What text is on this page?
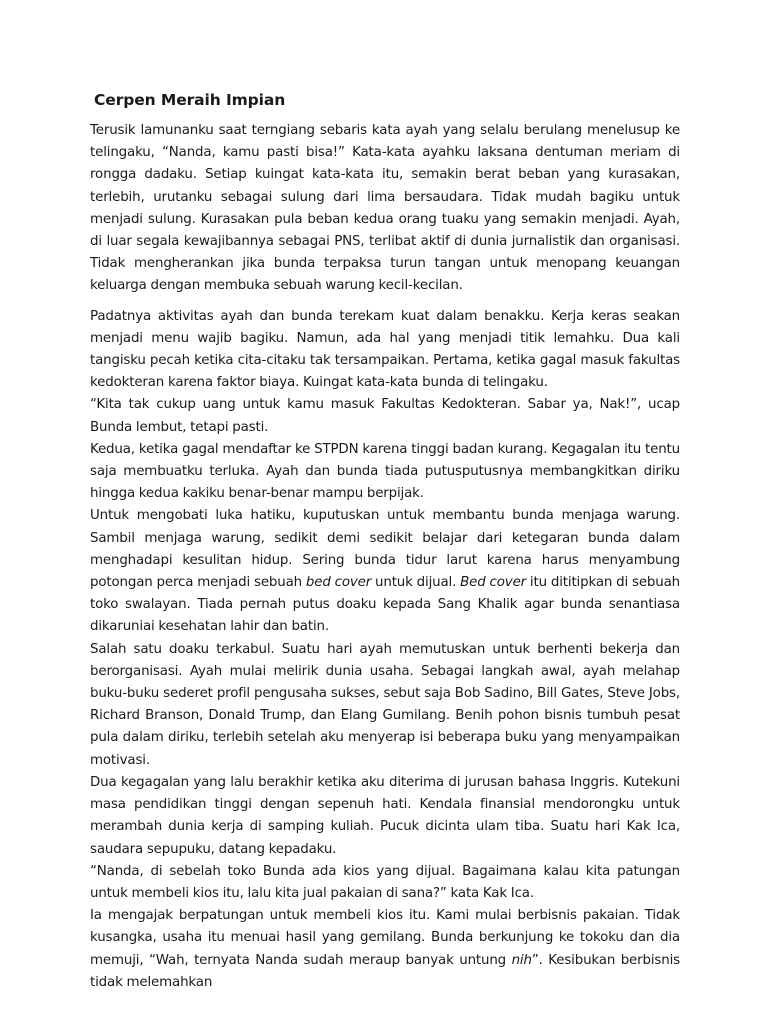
Cerpen Meraih Impian

Terusik lamunanku saat terngiang sebaris kata ayah yang selalu berulang menelusup ke telingaku, “Nanda, kamu pasti bisa!” Kata-kata ayahku laksana dentuman meriam di rongga dadaku. Setiap kuingat kata-kata itu, semakin berat beban yang kurasakan, terlebih, urutanku sebagai sulung dari lima bersaudara. Tidak mudah bagiku untuk menjadi sulung. Kurasakan pula beban kedua orang tuaku yang semakin menjadi. Ayah, di luar segala kewajibannya sebagai PNS, terlibat aktif di dunia jurnalistik dan organisasi. Tidak mengherankan jika bunda terpaksa turun tangan untuk menopang keuangan keluarga dengan membuka sebuah warung kecil-kecilan.

Padatnya aktivitas ayah dan bunda terekam kuat dalam benakku. Kerja keras seakan menjadi menu wajib bagiku. Namun, ada hal yang menjadi titik lemahku. Dua kali tangisku pecah ketika cita-citaku tak tersampaikan. Pertama, ketika gagal masuk fakultas kedokteran karena faktor biaya. Kuingat kata-kata bunda di telingaku.

“Kita tak cukup uang untuk kamu masuk Fakultas Kedokteran. Sabar ya, Nak!”, ucap Bunda lembut, tetapi pasti.

Kedua, ketika gagal mendaftar ke STPDN karena tinggi badan kurang. Kegagalan itu tentu saja membuatku terluka. Ayah dan bunda tiada putusputusnya membangkitkan diriku hingga kedua kakiku benar-benar mampu berpijak.

Untuk mengobati luka hatiku, kuputuskan untuk membantu bunda menjaga warung. Sambil menjaga warung, sedikit demi sedikit belajar dari ketegaran bunda dalam menghadapi kesulitan hidup. Sering bunda tidur larut karena harus menyambung potongan perca menjadi sebuah bed cover untuk dijual. Bed cover itu dititipkan di sebuah toko swalayan. Tiada pernah putus doaku kepada Sang Khalik agar bunda senantiasa dikaruniai kesehatan lahir dan batin.

Salah satu doaku terkabul. Suatu hari ayah memutuskan untuk berhenti bekerja dan berorganisasi. Ayah mulai melirik dunia usaha. Sebagai langkah awal, ayah melahap buku-buku sederet profil pengusaha sukses, sebut saja Bob Sadino, Bill Gates, Steve Jobs, Richard Branson, Donald Trump, dan Elang Gumilang. Benih pohon bisnis tumbuh pesat pula dalam diriku, terlebih setelah aku menyerap isi beberapa buku yang menyampaikan motivasi.

Dua kegagalan yang lalu berakhir ketika aku diterima di jurusan bahasa Inggris. Kutekuni masa pendidikan tinggi dengan sepenuh hati. Kendala finansial mendorongku untuk merambah dunia kerja di samping kuliah. Pucuk dicinta ulam tiba. Suatu hari Kak Ica, saudara sepupuku, datang kepadaku.

“Nanda, di sebelah toko Bunda ada kios yang dijual. Bagaimana kalau kita patungan untuk membeli kios itu, lalu kita jual pakaian di sana?” kata Kak Ica.

Ia mengajak berpatungan untuk membeli kios itu. Kami mulai berbisnis pakaian. Tidak kusangka, usaha itu menuai hasil yang gemilang. Bunda berkunjung ke tokoku dan dia memuji, “Wah, ternyata Nanda sudah meraup banyak untung nih”. Kesibukan berbisnis tidak melemahkan
